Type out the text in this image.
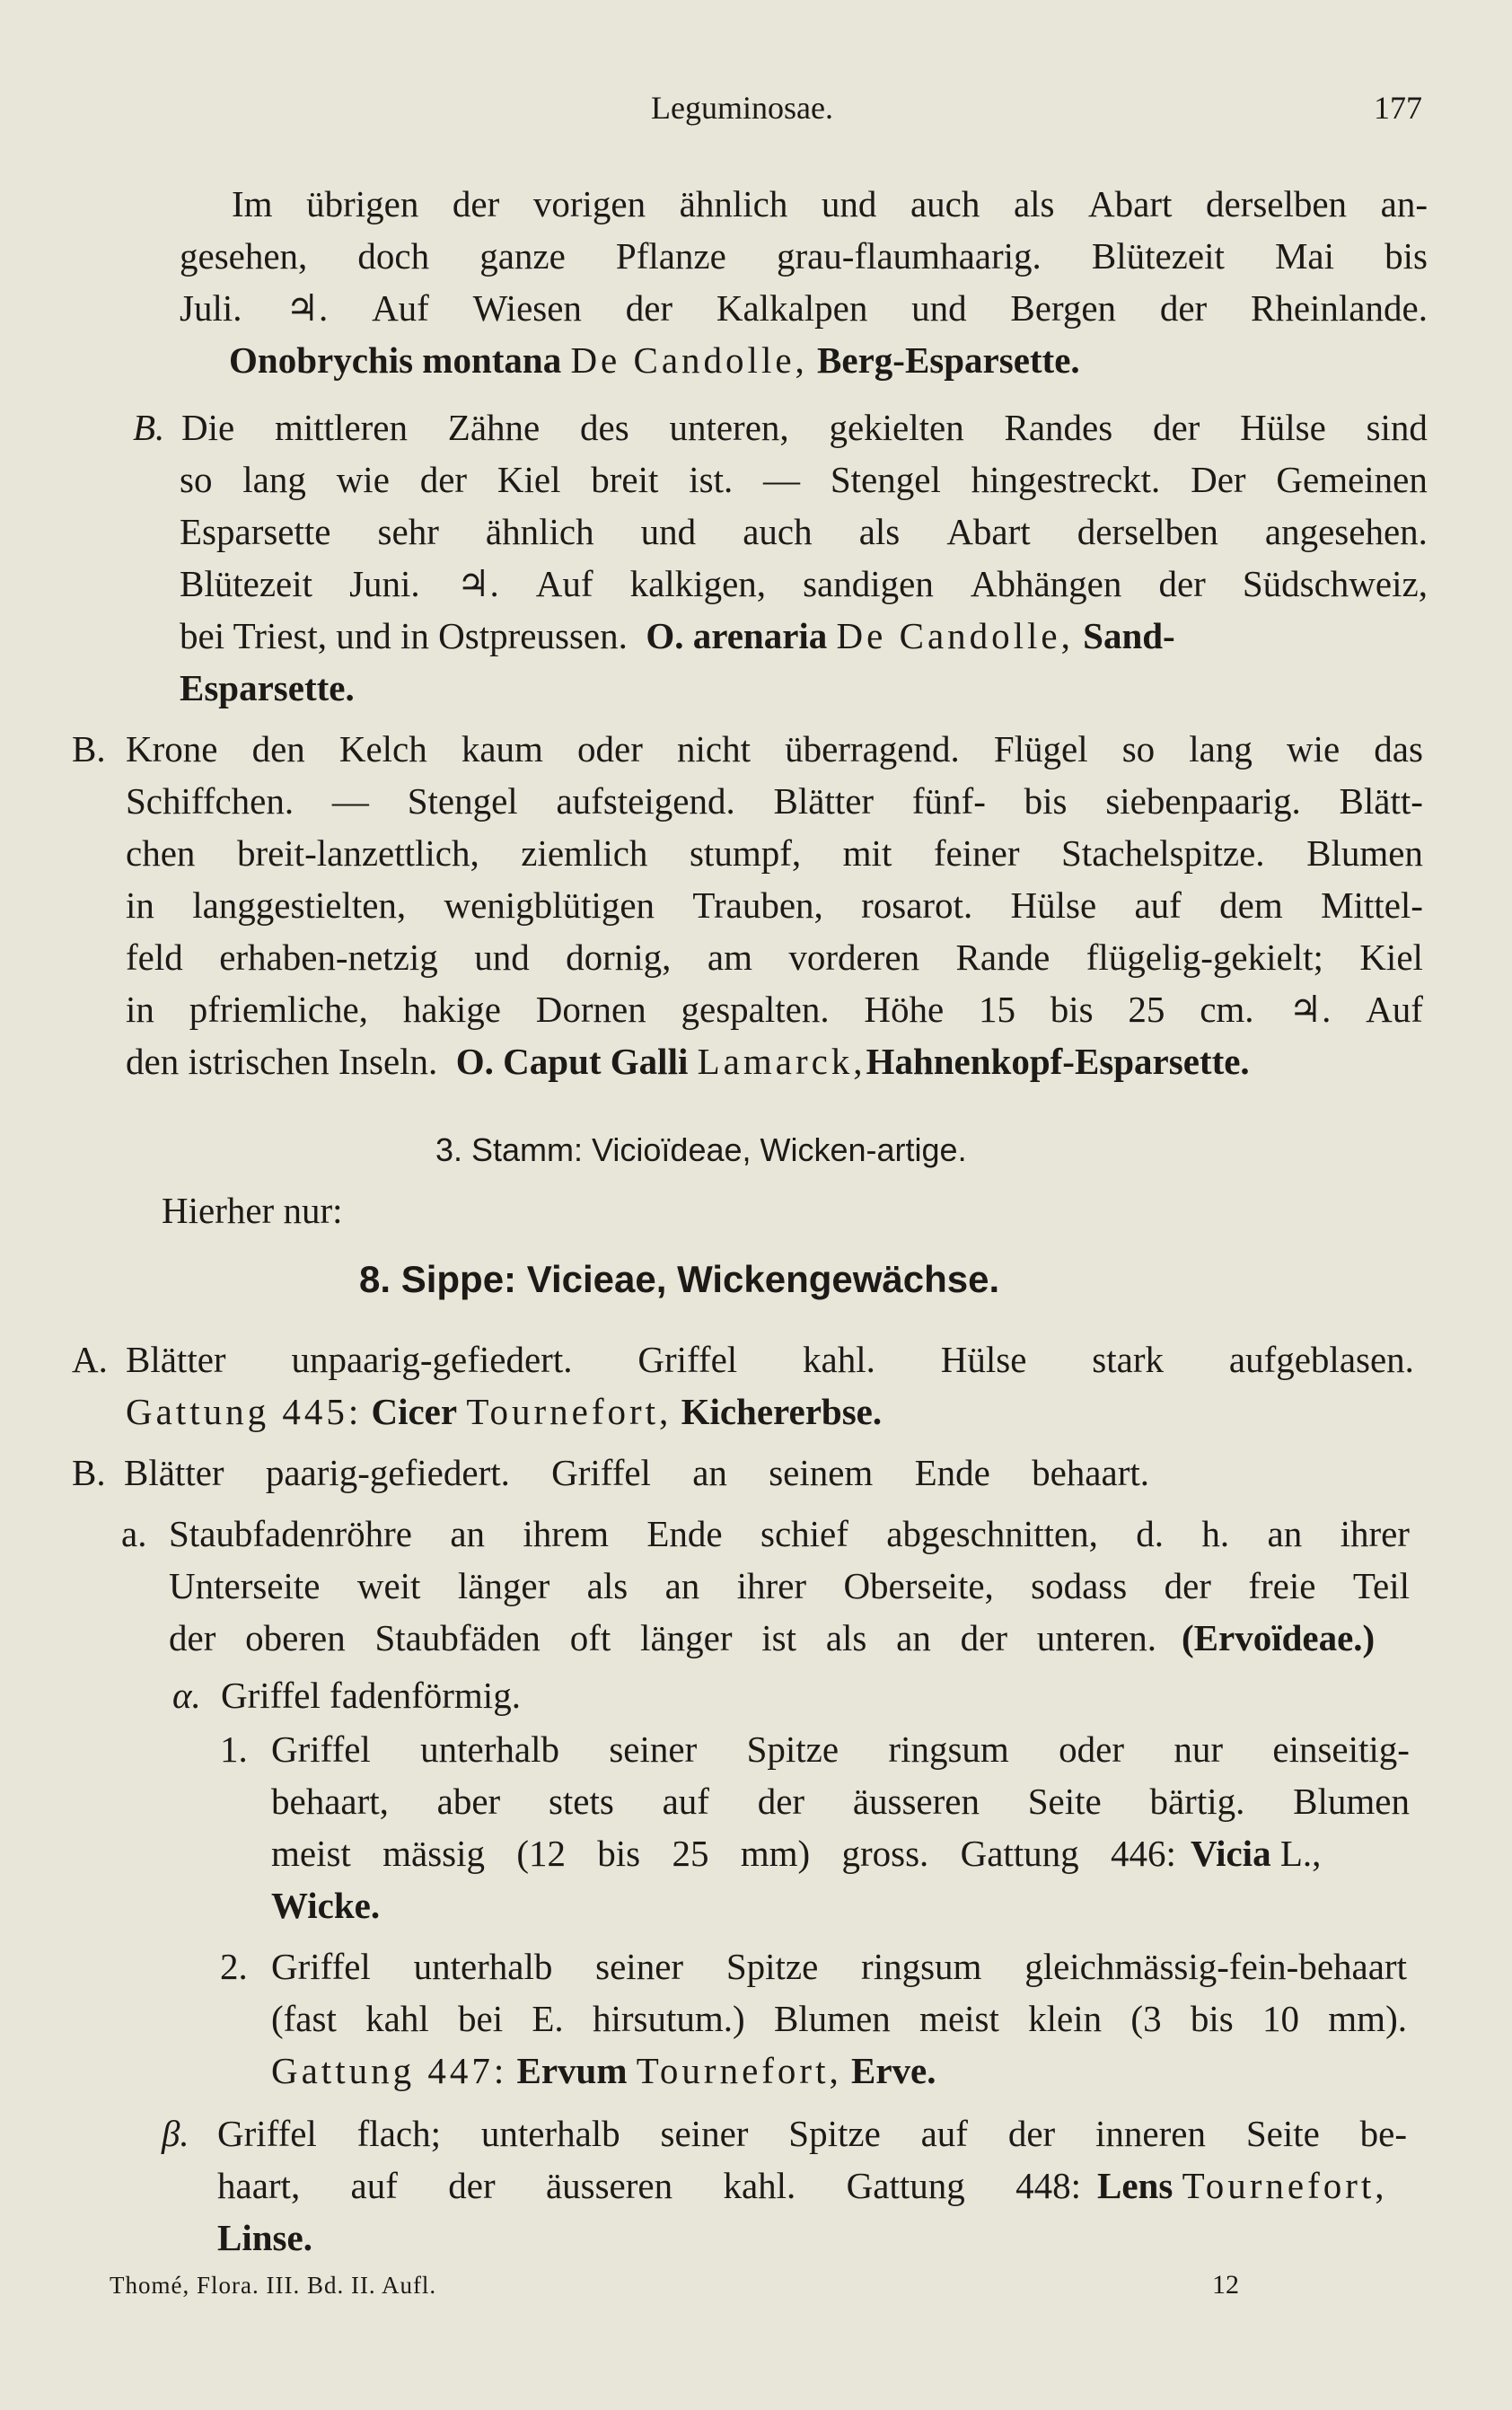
Leguminosae.	177
Im übrigen der vorigen ähnlich und auch als Abart derselben an-
gesehen, doch ganze Pflanze grau-flaumhaarig. Blütezeit Mai bis
Juli. ♃. Auf Wiesen der Kalkalpen und Bergen der Rheinlande.
Onobrychis montana De Candolle, Berg-Esparsette.
B. Die mittleren Zähne des unteren, gekielten Randes der Hülse sind
so lang wie der Kiel breit ist. — Stengel hingestreckt. Der Gemeinen
Esparsette sehr ähnlich und auch als Abart derselben angesehen.
Blütezeit Juni. ♃. Auf kalkigen, sandigen Abhängen der Südschweiz,
bei Triest, und in Ostpreussen. O. arenaria De Candolle, Sand-
Esparsette.
B. Krone den Kelch kaum oder nicht überragend. Flügel so lang wie das
Schiffchen. — Stengel aufsteigend. Blätter fünf- bis siebenpaarig. Blätt-
chen breit-lanzettlich, ziemlich stumpf, mit feiner Stachelspitze. Blumen
in langgestielten, wenigblütigen Trauben, rosarot. Hülse auf dem Mittel-
feld erhaben-netzig und dornig, am vorderen Rande flügelig-gekielt; Kiel
in pfriemliche, hakige Dornen gespalten. Höhe 15 bis 25 cm. ♃. Auf
den istrischen Inseln. O. Caput Galli Lamarck,Hahnenkopf-Esparsette.
3. Stamm: Vicioïdeae, Wicken-artige.
Hierher nur:
8. Sippe: Vicieae, Wickengewächse.
A. Blätter unpaarig-gefiedert. Griffel kahl. Hülse stark aufgeblasen.
Gattung 445: Cicer Tournefort, Kichererbse.
B. Blätter paarig-gefiedert. Griffel an seinem Ende behaart.
a. Staubfadenröhre an ihrem Ende schief abgeschnitten, d. h. an ihrer
Unterseite weit länger als an ihrer Oberseite, sodass der freie Teil
der oberen Staubfäden oft länger ist als an der unteren. (Ervoïdeae.)
α. Griffel fadenförmig.
1. Griffel unterhalb seiner Spitze ringsum oder nur einseitig-
behaart, aber stets auf der äusseren Seite bärtig. Blumen
meist mässig (12 bis 25 mm) gross. Gattung 446: Vicia L.,
Wicke.
2. Griffel unterhalb seiner Spitze ringsum gleichmässig-fein-behaart
(fast kahl bei E. hirsutum.) Blumen meist klein (3 bis 10 mm).
Gattung 447: Ervum Tournefort, Erve.
β. Griffel flach; unterhalb seiner Spitze auf der inneren Seite be-
haart, auf der äusseren kahl. Gattung 448: Lens Tournefort,
Linse.
Thomé, Flora. III. Bd. II. Aufl.	12
